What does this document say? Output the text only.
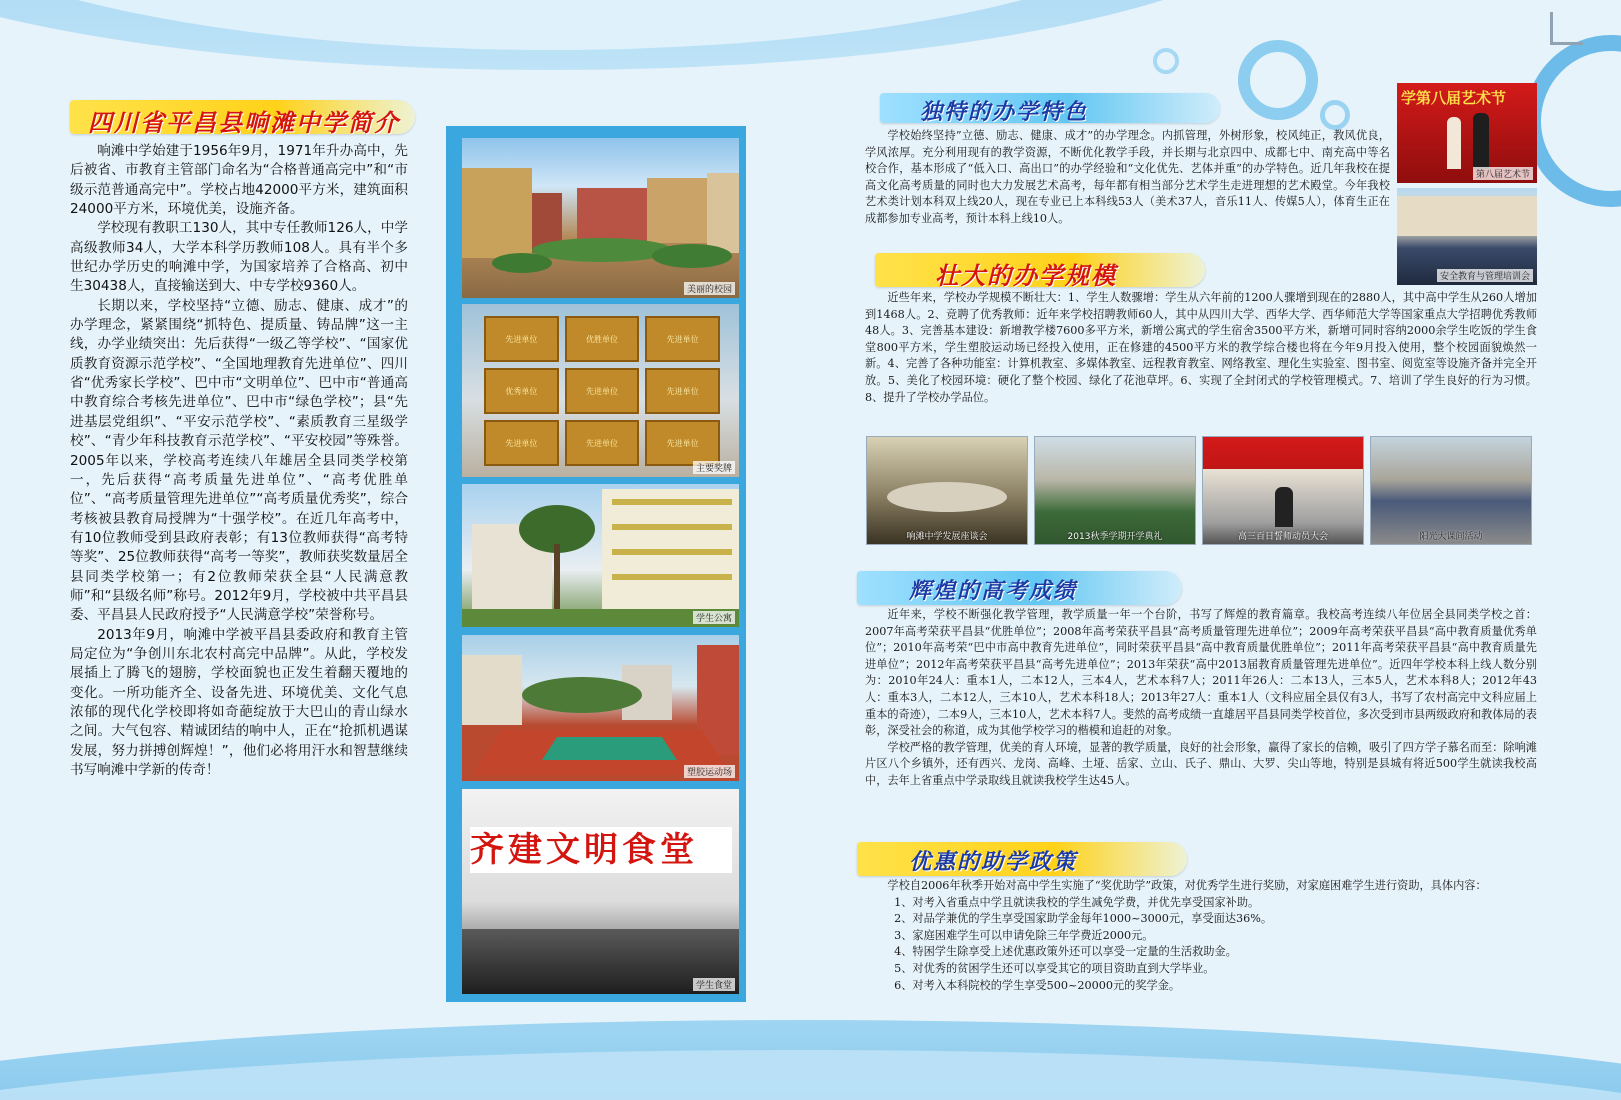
四川省平昌县响滩中学简介

响滩中学始建于1956年9月，1971年升办高中，先后被省、市教育主管部门命名为“合格普通高完中”和“市级示范普通高完中”。学校占地42000平方米，建筑面积24000平方米，环境优美，设施齐备。

学校现有教职工130人，其中专任教师126人，中学高级教师34人，大学本科学历教师108人。具有半个多世纪办学历史的响滩中学，为国家培养了合格高、初中生30438人，直接输送到大、中专学校9360人。

长期以来，学校坚持“立德、励志、健康、成才”的办学理念，紧紧围绕“抓特色、提质量、铸品牌”这一主线，办学业绩突出：先后获得“一级乙等学校”、“国家优质教育资源示范学校”、“全国地理教育先进单位”、四川省“优秀家长学校”、巴中市“文明单位”、巴中市“普通高中教育综合考核先进单位”、巴中市“绿色学校”；县“先进基层党组织”、“平安示范学校”、“素质教育三星级学校”、“青少年科技教育示范学校”、“平安校园”等殊誉。2005年以来，学校高考连续八年雄居全县同类学校第一，先后获得“高考质量先进单位”、“高考优胜单位”、“高考质量管理先进单位”“高考质量优秀奖”，综合考核被县教育局授牌为“十强学校”。在近几年高考中，有10位教师受到县政府表彰；有13位教师获得“高考特等奖”、25位教师获得“高考一等奖”，教师获奖数量居全县同类学校第一；有2位教师荣获全县“人民满意教师”和“县级名师”称号。2012年9月，学校被中共平昌县委、平昌县人民政府授予“人民满意学校”荣誉称号。

2013年9月，响滩中学被平昌县委政府和教育主管局定位为“争创川东北农村高完中品牌”。从此，学校发展插上了腾飞的翅膀，学校面貌也正发生着翻天覆地的变化。一所功能齐全、设备先进、环境优美、文化气息浓郁的现代化学校即将如奇葩绽放于大巴山的青山绿水之间。大气包容、精诚团结的响中人，正在“抢抓机遇谋发展，努力拼搏创辉煌！”，他们必将用汗水和智慧继续书写响滩中学新的传奇！

美丽的校园
先进单位	优胜单位	先进单位
优秀单位	先进单位	先进单位
先进单位	先进单位	先进单位
主要奖牌
学生公寓
塑胶运动场
齐建文明食堂
学生食堂
独特的办学特色

学校始终坚持”立德、励志、健康、成才”的办学理念。内抓管理，外树形象，校风纯正，教风优良，学风浓厚。充分利用现有的教学资源，不断优化教学手段，并长期与北京四中、成都七中、南充高中等名校合作，基本形成了“低入口、高出口”的办学经验和“文化优先、艺体并重”的办学特色。近几年我校在提高文化高考质量的同时也大力发展艺术高考，每年都有相当部分艺术学生走进理想的艺术殿堂。今年我校艺术类计划本科双上线20人，现在专业已上本科线53人（美术37人，音乐11人、传媒5人），体育生正在成都参加专业高考，预计本科上线10人。

学第八届艺术节
第八届艺术节
安全教育与管理培训会
壮大的办学规模

近些年来，学校办学规模不断壮大：1、学生人数骤增：学生从六年前的1200人骤增到现在的2880人，其中高中学生从260人增加到1468人。2、竞聘了优秀教师：近年来学校招聘教师60人，其中从四川大学、西华大学、西华师范大学等国家重点大学招聘优秀教师48人。3、完善基本建设：新增教学楼7600多平方米，新增公寓式的学生宿舍3500平方米，新增可同时容纳2000余学生吃饭的学生食堂800平方米，学生塑胶运动场已经投入使用，正在修建的4500平方米的教学综合楼也将在今年9月投入使用，整个校园面貌焕然一新。4、完善了各种功能室：计算机教室、多媒体教室、远程教育教室、网络教室、理化生实验室、图书室、阅览室等设施齐备并完全开放。5、美化了校园环境：硬化了整个校园、绿化了花池草坪。6、实现了全封闭式的学校管理模式。7、培训了学生良好的行为习惯。8、提升了学校办学品位。

响滩中学发展座谈会	2013秋季学期开学典礼	高三百日誓师动员大会	阳光大课间活动
辉煌的高考成绩

近年来，学校不断强化教学管理，教学质量一年一个台阶，书写了辉煌的教育篇章。我校高考连续八年位居全县同类学校之首：2007年高考荣获平昌县“优胜单位”；2008年高考荣获平昌县“高考质量管理先进单位”；2009年高考荣获平昌县“高中教育质量优秀单位”；2010年高考荣“巴中市高中教育先进单位”，同时荣获平昌县“高中教育质量优胜单位”；2011年高考荣获平昌县“高中教育质量先进单位”；2012年高考荣获平昌县“高考先进单位”；2013年荣获“高中2013届教育质量管理先进单位”。近四年学校本科上线人数分别为：2010年24人：重本1人，二本12人，三本4人，艺术本科7人；2011年26人：二本13人，三本5人，艺术本科8人；2012年43人：重本3人，二本12人，三本10人，艺术本科18人；2013年27人：重本1人（文科应届全县仅有3人，书写了农村高完中文科应届上重本的奇迹），二本9人，三本10人，艺术本科7人。斐然的高考成绩一直雄居平昌县同类学校首位，多次受到市县两级政府和教体局的表彰，深受社会的称道，成为其他学校学习的楷模和追赶的对象。

学校严格的教学管理，优美的育人环境，显著的教学质量，良好的社会形象，赢得了家长的信赖，吸引了四方学子慕名而至：除响滩片区八个乡镇外，还有西兴、龙岗、高峰、土垭、岳家、立山、氏子、鼎山、大罗、尖山等地，特别是县城有将近500学生就读我校高中，去年上省重点中学录取线且就读我校学生达45人。

优惠的助学政策

学校自2006年秋季开始对高中学生实施了“奖优助学”政策，对优秀学生进行奖励，对家庭困难学生进行资助，具体内容：

1、对考入省重点中学且就读我校的学生减免学费，并优先享受国家补助。

2、对品学兼优的学生享受国家助学金每年1000~3000元，享受面达36%。

3、家庭困难学生可以申请免除三年学费近2000元。

4、特困学生除享受上述优惠政策外还可以享受一定量的生活救助金。

5、对优秀的贫困学生还可以享受其它的项目资助直到大学毕业。

6、对考入本科院校的学生享受500~20000元的奖学金。
